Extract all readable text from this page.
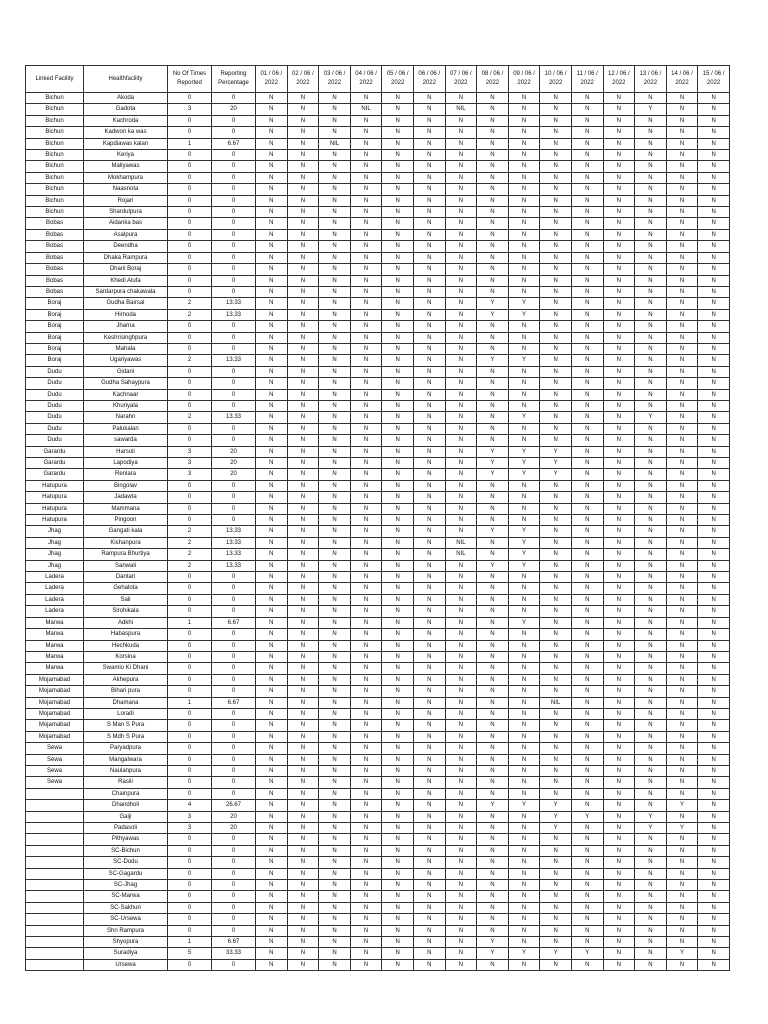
Linked Facility	Healthfacility	No Of Times Reported	Reporting Percentage	01 / 06 / 2022	02 / 06 / 2022	03 / 06 / 2022	04 / 06 / 2022	05 / 06 / 2022	06 / 06 / 2022	07 / 06 / 2022	08 / 06 / 2022	09 / 06 / 2022	10 / 06 / 2022	11 / 06 / 2022	12 / 06 / 2022	13 / 06 / 2022	14 / 06 / 2022	15 / 06 / 2022
Bichun	Akoda	0	0	N	N	N	N	N	N	N	N	N	N	N	N	N	N	N
Bichun	Gadota	3	20	N	N	N	NIL	N	N	NIL	N	N	N	N	N	Y	N	N
Bichun	Kachroda	0	0	N	N	N	N	N	N	N	N	N	N	N	N	N	N	N
Bichun	Kadwon ka was	0	0	N	N	N	N	N	N	N	N	N	N	N	N	N	N	N
Bichun	Kapdiawas kalan	1	6.67	N	N	NIL	N	N	N	N	N	N	N	N	N	N	N	N
Bichun	Keriya	0	0	N	N	N	N	N	N	N	N	N	N	N	N	N	N	N
Bichun	Maliyawas	0	0	N	N	N	N	N	N	N	N	N	N	N	N	N	N	N
Bichun	Mokhampura	0	0	N	N	N	N	N	N	N	N	N	N	N	N	N	N	N
Bichun	Naasnota	0	0	N	N	N	N	N	N	N	N	N	N	N	N	N	N	N
Bichun	Rojari	0	0	N	N	N	N	N	N	N	N	N	N	N	N	N	N	N
Bichun	Shardulpura	0	0	N	N	N	N	N	N	N	N	N	N	N	N	N	N	N
Bobas	Aidanka bas	0	0	N	N	N	N	N	N	N	N	N	N	N	N	N	N	N
Bobas	Asalpura	0	0	N	N	N	N	N	N	N	N	N	N	N	N	N	N	N
Bobas	Deendha	0	0	N	N	N	N	N	N	N	N	N	N	N	N	N	N	N
Bobas	Dhaka Rampura	0	0	N	N	N	N	N	N	N	N	N	N	N	N	N	N	N
Bobas	Dhani Boraj	0	0	N	N	N	N	N	N	N	N	N	N	N	N	N	N	N
Bobas	Khedi Alufa	0	0	N	N	N	N	N	N	N	N	N	N	N	N	N	N	N
Bobas	Sardarpura chakawala	0	0	N	N	N	N	N	N	N	N	N	N	N	N	N	N	N
Boraj	Gudha Bairsal	2	13.33	N	N	N	N	N	N	N	Y	Y	N	N	N	N	N	N
Boraj	Hirnoda	2	13.33	N	N	N	N	N	N	N	Y	Y	N	N	N	N	N	N
Boraj	Jharna	0	0	N	N	N	N	N	N	N	N	N	N	N	N	N	N	N
Boraj	Keshrisinghpura	0	0	N	N	N	N	N	N	N	N	N	N	N	N	N	N	N
Boraj	Mahala	0	0	N	N	N	N	N	N	N	N	N	N	N	N	N	N	N
Boraj	Ugariyawas	2	13.33	N	N	N	N	N	N	N	Y	Y	N	N	N	N	N	N
Dudu	Gidani	0	0	N	N	N	N	N	N	N	N	N	N	N	N	N	N	N
Dudu	Gudha Sahaypura	0	0	N	N	N	N	N	N	N	N	N	N	N	N	N	N	N
Dudu	Kachnaar	0	0	N	N	N	N	N	N	N	N	N	N	N	N	N	N	N
Dudu	Khuriyala	0	0	N	N	N	N	N	N	N	N	N	N	N	N	N	N	N
Dudu	Narahn	2	13.33	N	N	N	N	N	N	N	N	Y	N	N	N	Y	N	N
Dudu	Palukalan	0	0	N	N	N	N	N	N	N	N	N	N	N	N	N	N	N
Dudu	sawarda	0	0	N	N	N	N	N	N	N	N	N	N	N	N	N	N	N
Garardu	Harsoli	3	20	N	N	N	N	N	N	N	Y	Y	Y	N	N	N	N	N
Garardu	Lapodiya	3	20	N	N	N	N	N	N	N	Y	Y	Y	N	N	N	N	N
Garardu	Renlara	3	20	N	N	N	N	N	N	N	Y	Y	Y	N	N	N	N	N
Hatupura	Bingolav	0	0	N	N	N	N	N	N	N	N	N	N	N	N	N	N	N
Hatupura	Jadawta	0	0	N	N	N	N	N	N	N	N	N	N	N	N	N	N	N
Hatupura	Mammana	0	0	N	N	N	N	N	N	N	N	N	N	N	N	N	N	N
Hatupura	Pingoon	0	0	N	N	N	N	N	N	N	N	N	N	N	N	N	N	N
Jhag	Gangati kala	2	13.33	N	N	N	N	N	N	N	Y	Y	N	N	N	N	N	N
Jhag	Kishanpura	2	13.33	N	N	N	N	N	N	NIL	N	Y	N	N	N	N	N	N
Jhag	Rampura Bhurtiya	2	13.33	N	N	N	N	N	N	NIL	N	Y	N	N	N	N	N	N
Jhag	Sanwali	2	13.33	N	N	N	N	N	N	N	Y	Y	N	N	N	N	N	N
Ladera	Dantari	0	0	N	N	N	N	N	N	N	N	N	N	N	N	N	N	N
Ladera	Gehalota	0	0	N	N	N	N	N	N	N	N	N	N	N	N	N	N	N
Ladera	Sali	0	0	N	N	N	N	N	N	N	N	N	N	N	N	N	N	N
Ladera	Sirohikala	0	0	N	N	N	N	N	N	N	N	N	N	N	N	N	N	N
Marwa	Adkhi	1	6.67	N	N	N	N	N	N	N	N	Y	N	N	N	N	N	N
Marwa	Habaspura	0	0	N	N	N	N	N	N	N	N	N	N	N	N	N	N	N
Marwa	Hechkuda	0	0	N	N	N	N	N	N	N	N	N	N	N	N	N	N	N
Marwa	Korsina	0	0	N	N	N	N	N	N	N	N	N	N	N	N	N	N	N
Marwa	Swamio Ki Dhani	0	0	N	N	N	N	N	N	N	N	N	N	N	N	N	N	N
Mojamabad	Akhepura	0	0	N	N	N	N	N	N	N	N	N	N	N	N	N	N	N
Mojamabad	Bihari pura	0	0	N	N	N	N	N	N	N	N	N	N	N	N	N	N	N
Mojamabad	Dhamana	1	6.67	N	N	N	N	N	N	N	N	N	NIL	N	N	N	N	N
Mojamabad	Loradi	0	0	N	N	N	N	N	N	N	N	N	N	N	N	N	N	N
Mojamabad	S Man S Pura	0	0	N	N	N	N	N	N	N	N	N	N	N	N	N	N	N
Mojamabad	S Mdh S Pura	0	0	N	N	N	N	N	N	N	N	N	N	N	N	N	N	N
Sewa	Paryadpura	0	0	N	N	N	N	N	N	N	N	N	N	N	N	N	N	N
Sewa	Mangalwara	0	0	N	N	N	N	N	N	N	N	N	N	N	N	N	N	N
Sewa	Naulanpura	0	0	N	N	N	N	N	N	N	N	N	N	N	N	N	N	N
Sewa	Rasili	0	0	N	N	N	N	N	N	N	N	N	N	N	N	N	N	N
	Chainpura	0	0	N	N	N	N	N	N	N	N	N	N	N	N	N	N	N
	Dhandholi	4	26.67	N	N	N	N	N	N	N	Y	Y	Y	N	N	N	Y	N
	Gaiji	3	20	N	N	N	N	N	N	N	N	N	Y	Y	N	Y	N	N
	Padasoli	3	20	N	N	N	N	N	N	N	N	N	Y	N	N	Y	Y	N
	Pithyawas	0	0	N	N	N	N	N	N	N	N	N	N	N	N	N	N	N
	SC-Bichun	0	0	N	N	N	N	N	N	N	N	N	N	N	N	N	N	N
	SC-Dudu	0	0	N	N	N	N	N	N	N	N	N	N	N	N	N	N	N
	SC-Gagardu	0	0	N	N	N	N	N	N	N	N	N	N	N	N	N	N	N
	SC-Jhag	0	0	N	N	N	N	N	N	N	N	N	N	N	N	N	N	N
	SC-Marwa	0	0	N	N	N	N	N	N	N	N	N	N	N	N	N	N	N
	SC-Sakhun	0	0	N	N	N	N	N	N	N	N	N	N	N	N	N	N	N
	SC-Ursewa	0	0	N	N	N	N	N	N	N	N	N	N	N	N	N	N	N
	Shri Rampura	0	0	N	N	N	N	N	N	N	N	N	N	N	N	N	N	N
	Shyopura	1	6.67	N	N	N	N	N	N	N	Y	N	N	N	N	N	N	N
	Suradiya	5	33.33	N	N	N	N	N	N	N	Y	Y	Y	Y	N	N	Y	N
	Ursewa	0	0	N	N	N	N	N	N	N	N	N	N	N	N	N	N	N
